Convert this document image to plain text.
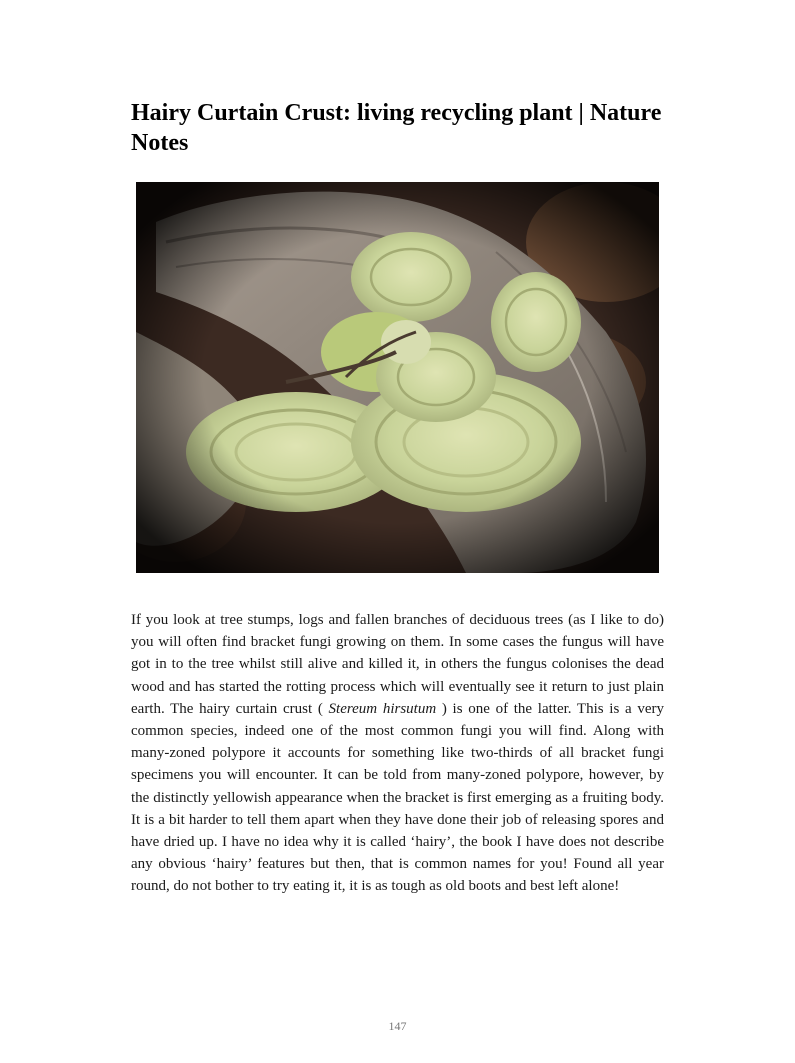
Hairy Curtain Crust: living recycling plant | Nature Notes

If you look at tree stumps, logs and fallen branches of deciduous trees (as I like to do) you will often find bracket fungi growing on them. In some cases the fungus will have got in to the tree whilst still alive and killed it, in others the fungus colonises the dead wood and has started the rotting process which will eventually see it return to just plain earth. The hairy curtain crust ( Stereum hirsutum ) is one of the latter. This is a very common species, indeed one of the most common fungi you will find. Along with many-zoned polypore it accounts for something like two-thirds of all bracket fungi specimens you will encounter. It can be told from many-zoned polypore, however, by the distinctly yellowish appearance when the bracket is first emerging as a fruiting body. It is a bit harder to tell them apart when they have done their job of releasing spores and have dried up. I have no idea why it is called ‘hairy’, the book I have does not describe any obvious ‘hairy’ features but then, that is common names for you! Found all year round, do not bother to try eating it, it is as tough as old boots and best left alone!

147
